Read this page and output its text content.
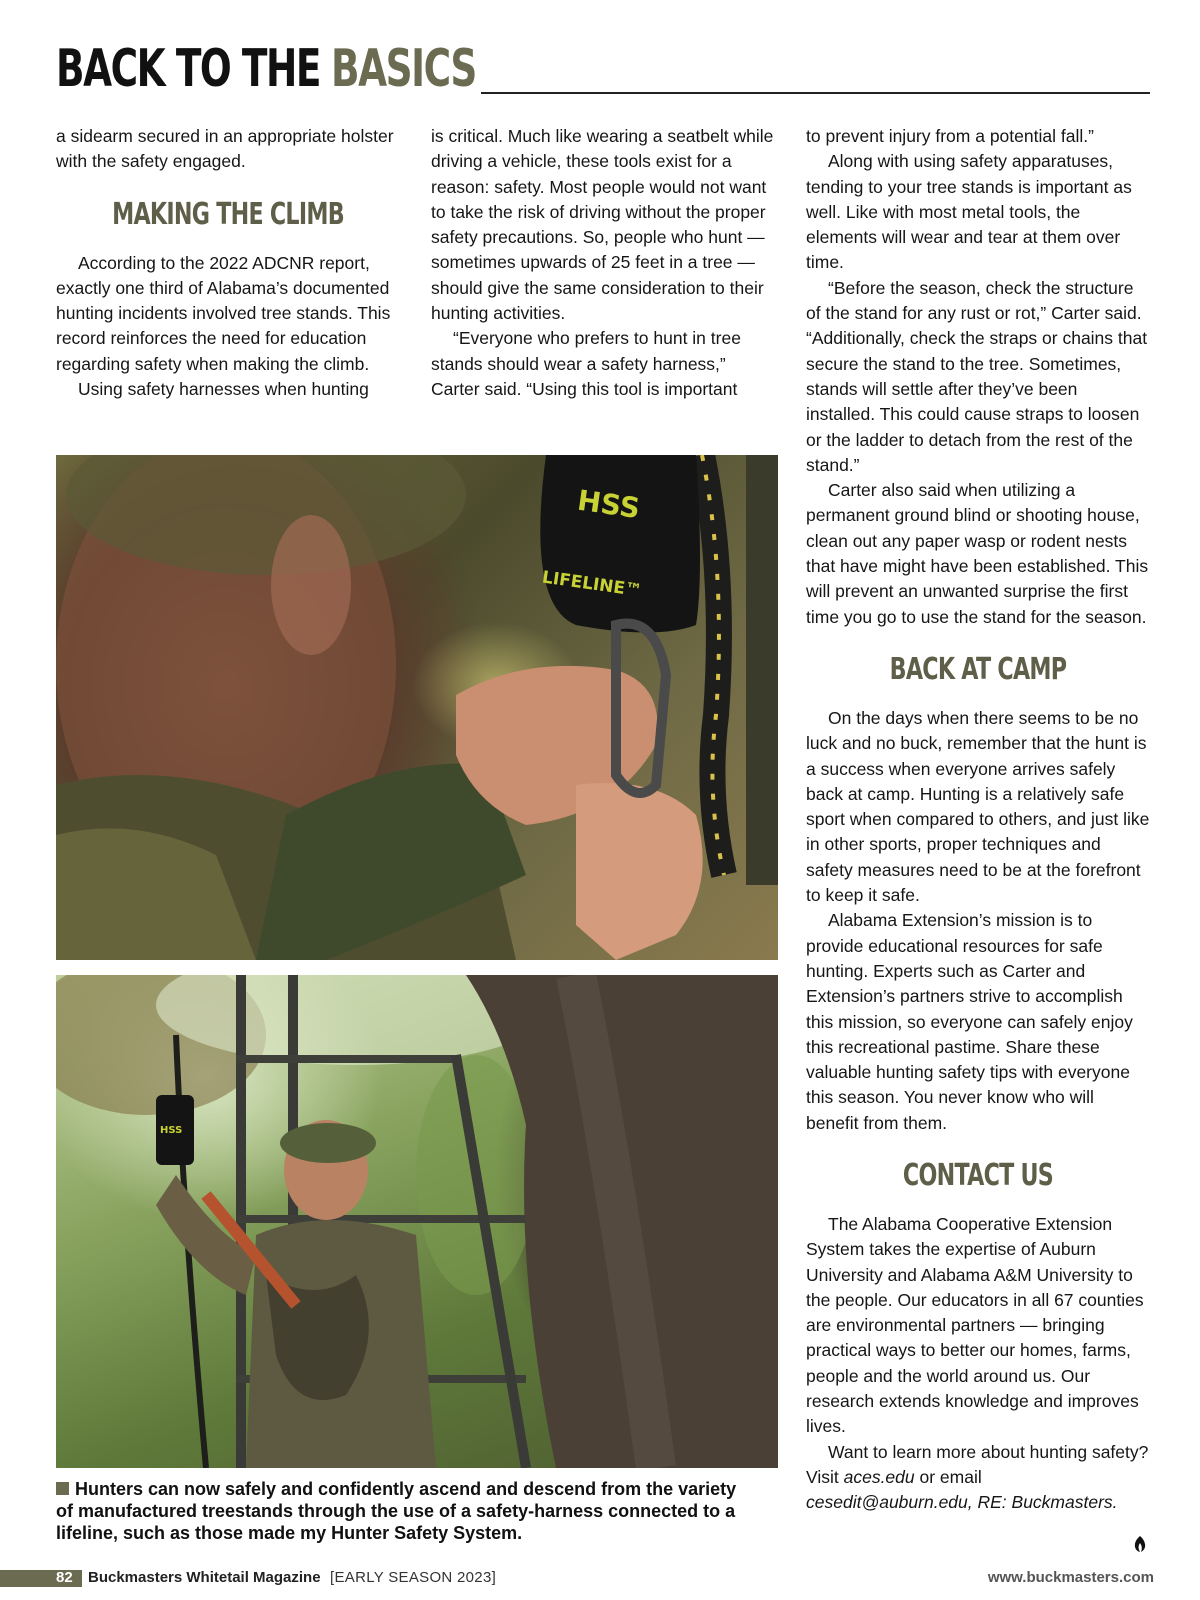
BACK TO THE BASICS

a sidearm secured in an appropriate holster with the safety engaged.

MAKING THE CLIMB

According to the 2022 ADCNR report, exactly one third of Alabama’s documented hunting incidents involved tree stands. This record reinforces the need for education regarding safety when making the climb.

Using safety harnesses when hunting

is critical. Much like wearing a seatbelt while driving a vehicle, these tools exist for a reason: safety. Most people would not want to take the risk of driving without the proper safety precautions. So, people who hunt — sometimes upwards of 25 feet in a tree — should give the same consideration to their hunting activities.

“Everyone who prefers to hunt in tree stands should wear a safety harness,” Carter said. “Using this tool is important

to prevent injury from a potential fall.”

Along with using safety apparatuses, tending to your tree stands is important as well. Like with most metal tools, the elements will wear and tear at them over time.

“Before the season, check the structure of the stand for any rust or rot,” Carter said. “Additionally, check the straps or chains that secure the stand to the tree. Sometimes, stands will settle after they’ve been installed. This could cause straps to loosen or the ladder to detach from the rest of the stand.”

Carter also said when utilizing a permanent ground blind or shooting house, clean out any paper wasp or rodent nests that have might have been established. This will prevent an unwanted surprise the first time you go to use the stand for the season.

BACK AT CAMP

On the days when there seems to be no luck and no buck, remember that the hunt is a success when everyone arrives safely back at camp. Hunting is a relatively safe sport when compared to others, and just like in other sports, proper techniques and safety measures need to be at the forefront to keep it safe.

Alabama Extension’s mission is to provide educational resources for safe hunting. Experts such as Carter and Extension’s partners strive to accomplish this mission, so everyone can safely enjoy this recreational pastime. Share these valuable hunting safety tips with everyone this season. You never know who will benefit from them.

CONTACT US

The Alabama Cooperative Extension System takes the expertise of Auburn University and Alabama A&M University to the people. Our educators in all 67 counties are environmental partners — bringing practical ways to better our homes, farms, people and the world around us. Our research extends knowledge and improves lives.

Want to learn more about hunting safety? Visit aces.edu or email cesedit@auburn.edu, RE: Buckmasters.

HSS
LIFELINE™
HSS
Hunters can now safely and confidently ascend and descend from the variety of manufactured treestands through the use of a safety-harness connected to a lifeline, such as those made my Hunter Safety System.
82 Buckmasters Whitetail Magazine [EARLY SEASON 2023]	www.buckmasters.com
